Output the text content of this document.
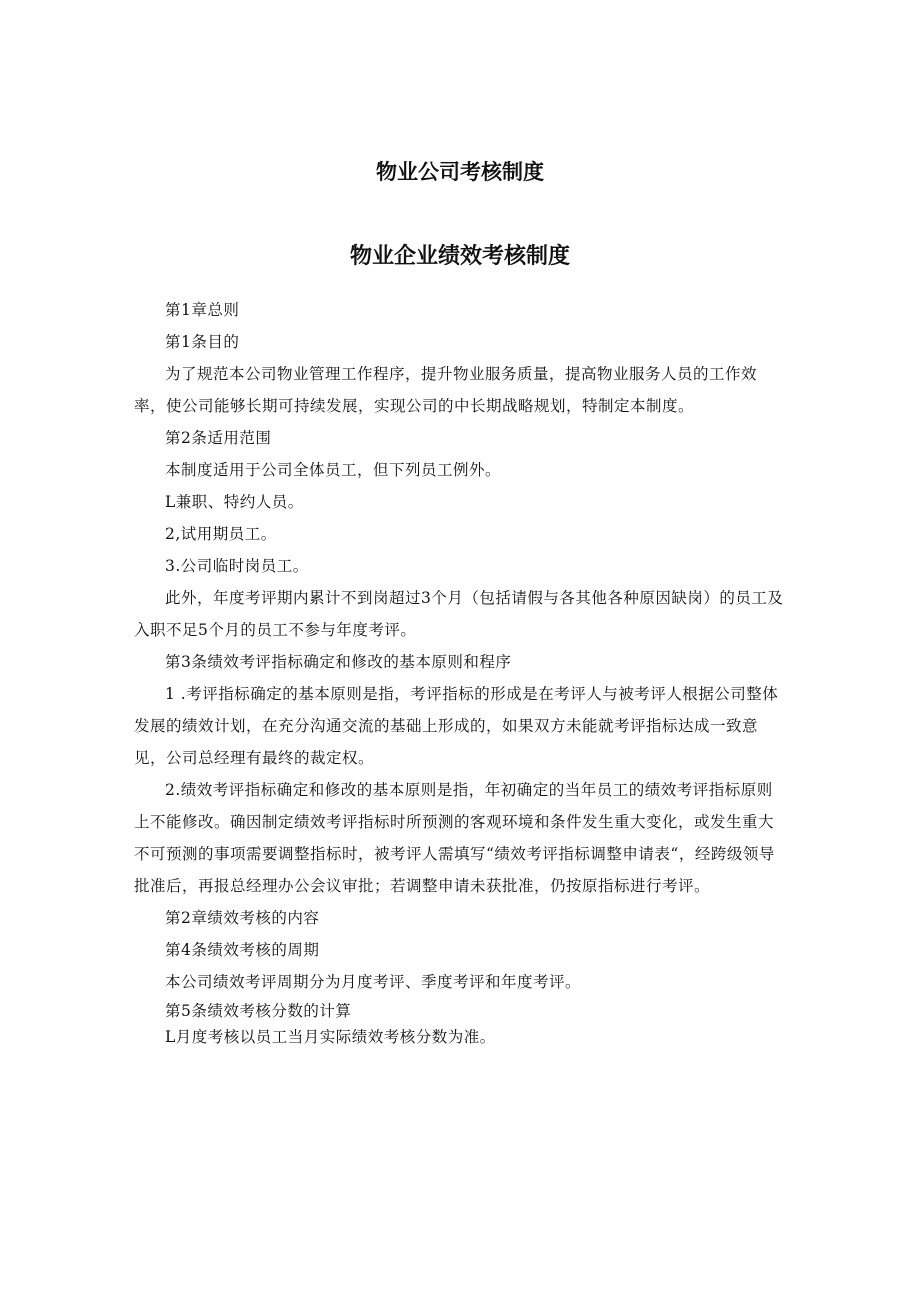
物业公司考核制度
物业企业绩效考核制度

第1章总则

第1条目的

为了规范本公司物业管理工作程序，提升物业服务质量，提高物业服务人员的工作效率，使公司能够长期可持续发展，实现公司的中长期战略规划，特制定本制度。

第2条适用范围

本制度适用于公司全体员工，但下列员工例外。

L兼职、特约人员。

2,试用期员工。

3.公司临时岗员工。

此外，年度考评期内累计不到岗超过3个月（包括请假与各其他各种原因缺岗）的员工及入职不足5个月的员工不参与年度考评。

第3条绩效考评指标确定和修改的基本原则和程序

1 .考评指标确定的基本原则是指，考评指标的形成是在考评人与被考评人根据公司整体发展的绩效计划，在充分沟通交流的基础上形成的，如果双方未能就考评指标达成一致意见，公司总经理有最终的裁定权。

2.绩效考评指标确定和修改的基本原则是指，年初确定的当年员工的绩效考评指标原则上不能修改。确因制定绩效考评指标时所预测的客观环境和条件发生重大变化，或发生重大不可预测的事项需要调整指标时，被考评人需填写“绩效考评指标调整申请表“，经跨级领导批准后，再报总经理办公会议审批；若调整申请未获批准，仍按原指标进行考评。

第2章绩效考核的内容

第4条绩效考核的周期

本公司绩效考评周期分为月度考评、季度考评和年度考评。

第5条绩效考核分数的计算

L月度考核以员工当月实际绩效考核分数为准。
